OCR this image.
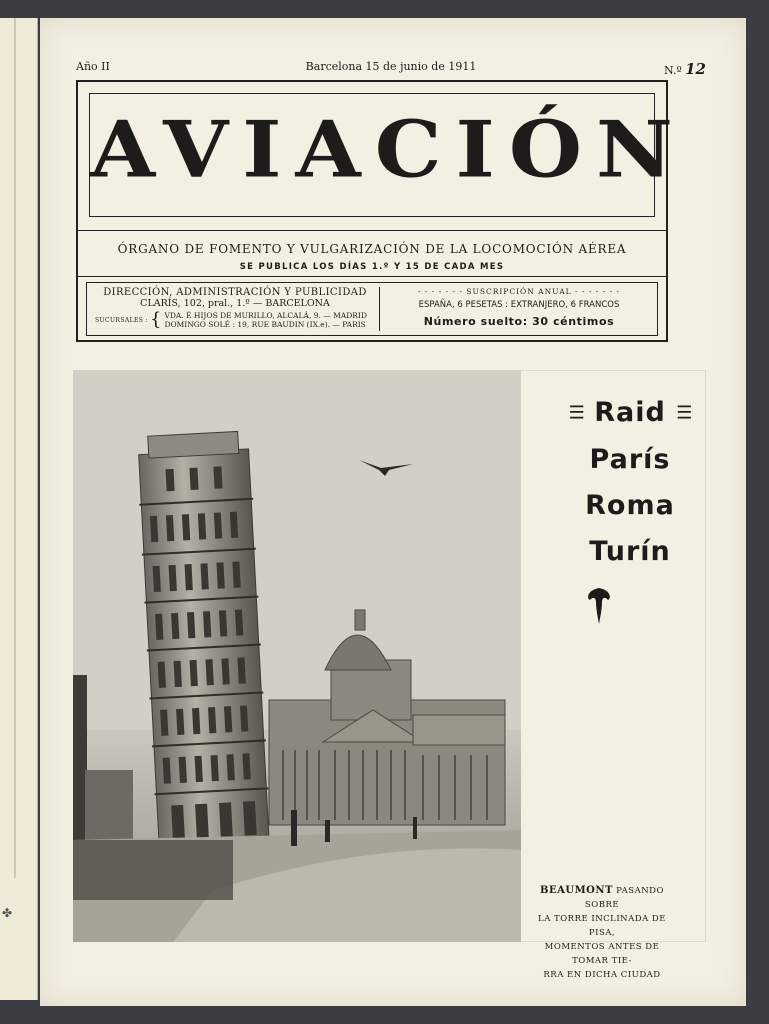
✤
Año II	Barcelona 15 de junio de 1911	N.º 12
AVIACIÓN
ÓRGANO DE FOMENTO Y VULGARIZACIÓN DE LA LOCOMOCIÓN AÉREA
SE PUBLICA LOS DÍAS 1.º Y 15 DE CADA MES
DIRECCIÓN, ADMINISTRACIÓN Y PUBLICIDAD
CLARÍS, 102, pral., 1.º — BARCELONA
SUCURSALES : { VDA. É HIJOS DE MURILLO, ALCALÁ, 9. — MADRID
DOMINGO SOLÉ : 19, RUE BAUDIN (IX.e). — PARIS
- - - - - - - SUSCRIPCIÓN ANUAL - - - - - - -
ESPAÑA, 6 PESETAS : EXTRANJERO, 6 FRANCOS
Número suelto: 30 céntimos
☰ Raid ☰
París
Roma
Turín
BEAUMONT PASANDO SOBRE
LA TORRE INCLINADA DE PISA,
MOMENTOS ANTES DE TOMAR TIE-
RRA EN DICHA CIUDAD
